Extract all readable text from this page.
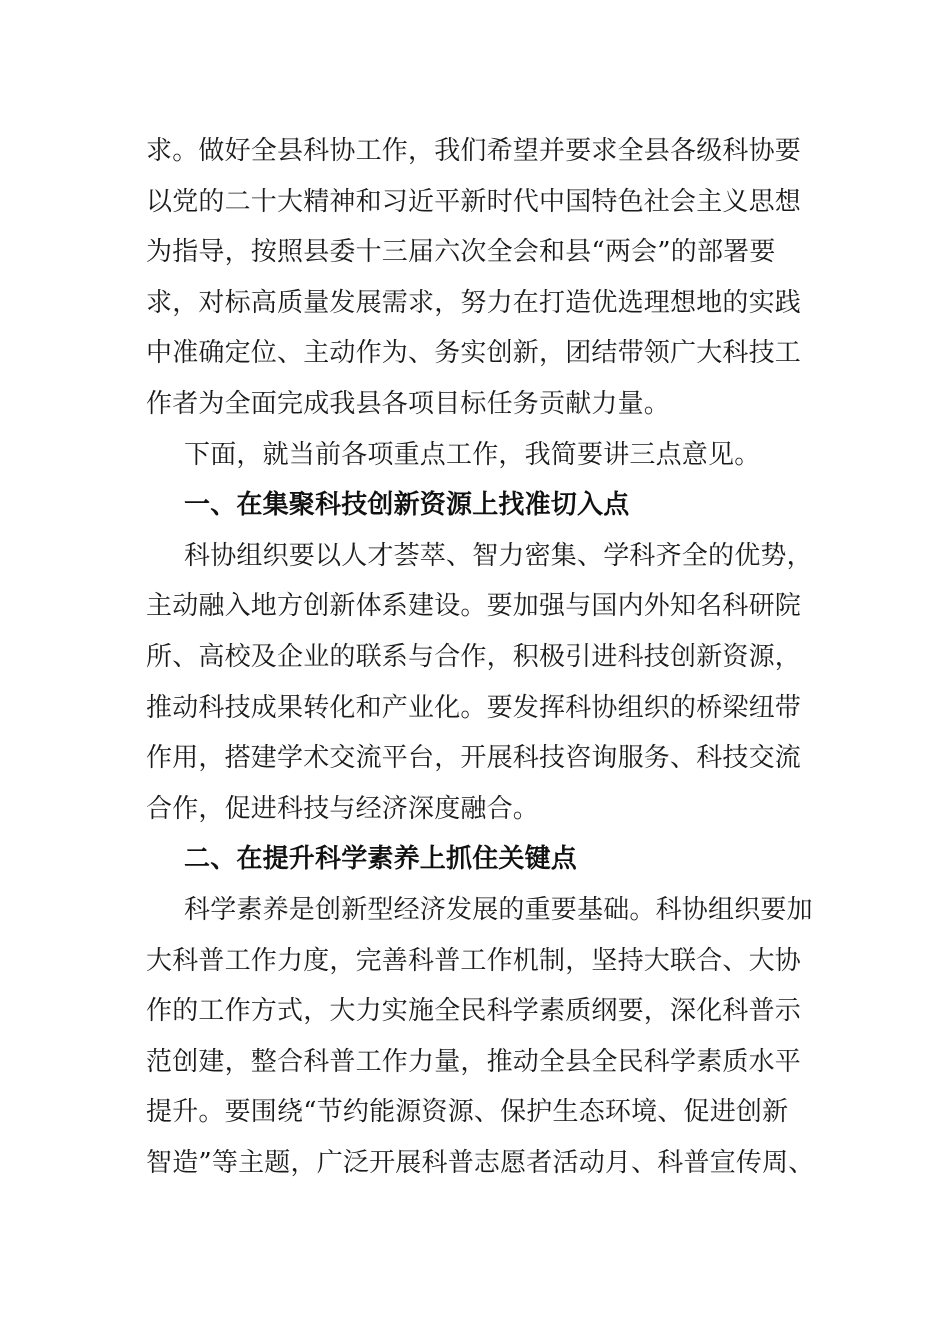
求。做好全县科协工作，我们希望并要求全县各级科协要
以党的二十大精神和习近平新时代中国特色社会主义思想
为指导，按照县委十三届六次全会和县“两会”的部署要
求，对标高质量发展需求，努力在打造优选理想地的实践
中准确定位、主动作为、务实创新，团结带领广大科技工
作者为全面完成我县各项目标任务贡献力量。
下面，就当前各项重点工作，我简要讲三点意见。
一、在集聚科技创新资源上找准切入点
科协组织要以人才荟萃、智力密集、学科齐全的优势，
主动融入地方创新体系建设。要加强与国内外知名科研院
所、高校及企业的联系与合作，积极引进科技创新资源，
推动科技成果转化和产业化。要发挥科协组织的桥梁纽带
作用，搭建学术交流平台，开展科技咨询服务、科技交流
合作，促进科技与经济深度融合。
二、在提升科学素养上抓住关键点
科学素养是创新型经济发展的重要基础。科协组织要加
大科普工作力度，完善科普工作机制，坚持大联合、大协
作的工作方式，大力实施全民科学素质纲要，深化科普示
范创建，整合科普工作力量，推动全县全民科学素质水平
提升。要围绕“节约能源资源、保护生态环境、促进创新
智造”等主题，广泛开展科普志愿者活动月、科普宣传周、
